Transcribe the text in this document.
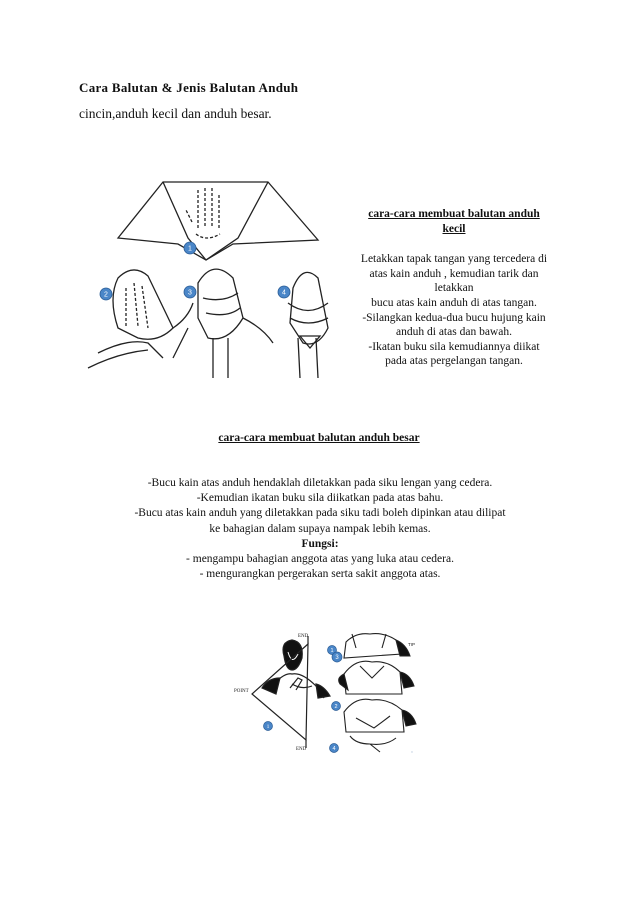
Cara Balutan & Jenis Balutan Anduh
cincin,anduh kecil dan anduh besar.
1
2	3	4
cara-cara membuat balutan anduh
kecil
Letakkan tapak tangan yang tercedera di
atas kain anduh , kemudian tarik dan
letakkan
bucu atas kain anduh di atas tangan.
-Silangkan kedua-dua bucu hujung kain
anduh di atas dan bawah.
-Ikatan buku sila kemudiannya diikat
pada atas pergelangan tangan.
cara-cara membuat balutan anduh besar
-Bucu kain atas anduh hendaklah diletakkan pada siku lengan yang cedera.
-Kemudian ikatan buku sila diikatkan pada atas bahu.
-Bucu atas kain anduh yang diletakkan pada siku tadi boleh dipinkan atau dilipat
ke bahagian dalam supaya nampak lebih kemas.
Fungsi:
- mengampu bahagian anggota atas yang luka atau cedera.
- mengurangkan pergerakan serta sakit anggota atas.
END
POINT
END
1
TIP
1
2
4
3
